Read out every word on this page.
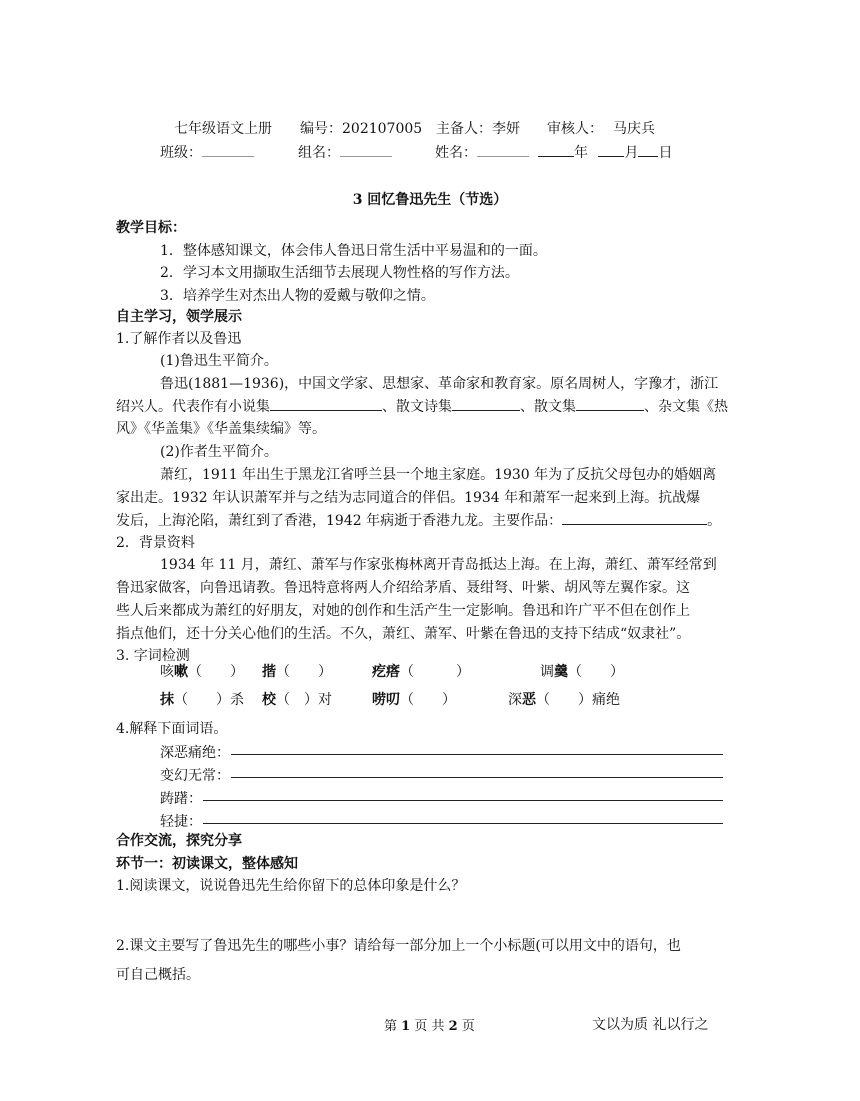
七年级语文上册 编号：202107005 主备人：李妍 审核人： 马庆兵
班级：	组名：	姓名：	年	月 日
3 回忆鲁迅先生（节选）
教学目标：
1．整体感知课文，体会伟人鲁迅日常生活中平易温和的一面。
2．学习本文用撷取生活细节去展现人物性格的写作方法。
3．培养学生对杰出人物的爱戴与敬仰之情。
自主学习，领学展示
1.了解作者以及鲁迅
(1)鲁迅生平简介。
鲁迅(1881—1936)，中国文学家、思想家、革命家和教育家。原名周树人，字豫才，浙江
绍兴人。代表作有小说集	、散文诗集	、散文集	、杂文集《热
风》《华盖集》《华盖集续编》等。
(2)作者生平简介。
萧红，1911 年出生于黑龙江省呼兰县一个地主家庭。1930 年为了反抗父母包办的婚姻离
家出走。1932 年认识萧军并与之结为志同道合的伴侣。1934 年和萧军一起来到上海。抗战爆
发后，上海沦陷，萧红到了香港，1942 年病逝于香港九龙。主要作品：	。
2．背景资料
1934 年 11 月，萧红、萧军与作家张梅林离开青岛抵达上海。在上海，萧红、萧军经常到
鲁迅家做客，向鲁迅请教。鲁迅特意将两人介绍给茅盾、聂绀弩、叶紫、胡风等左翼作家。这
些人后来都成为萧红的好朋友，对她的创作和生活产生一定影响。鲁迅和许广平不但在创作上
指点他们，还十分关心他们的生活。不久，萧红、萧军、叶紫在鲁迅的支持下结成“奴隶社”。
3. 字词检测
咳嗽（　　） 揩（　　）	疙瘩（　　　）	调羹（　　）
抹（　　）杀 校（　）对	唠叨（　　）	深恶（　　）痛绝
4.解释下面词语。
深恶痛绝：
变幻无常：
踌躇：
轻捷：
合作交流，探究分享
环节一：初读课文，整体感知
1.阅读课文，说说鲁迅先生给你留下的总体印象是什么？
2.课文主要写了鲁迅先生的哪些小事？请给每一部分加上一个小标题(可以用文中的语句，也
可自己概括。
第 1 页 共 2 页	文以为质 礼以行之
